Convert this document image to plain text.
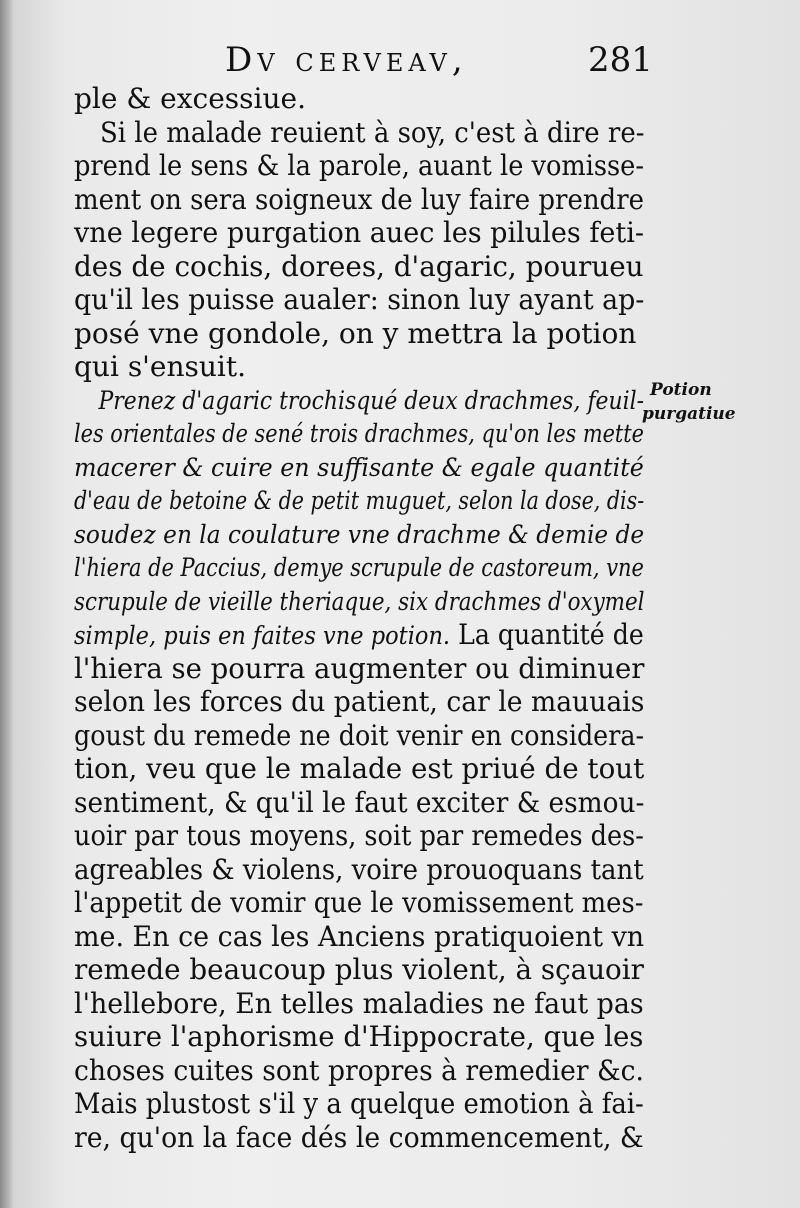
Dv cerveav,	281
Potion
purgatiue
ple & excessiue.
Si le malade reuient à soy, c'est à dire re-
prend le sens & la parole, auant le vomisse-
ment on sera soigneux de luy faire prendre
vne legere purgation auec les pilules feti-
des de cochis, dorees, d'agaric, pourueu
qu'il les puisse aualer: sinon luy ayant ap-
posé vne gondole, on y mettra la potion
qui s'ensuit.
Prenez d'agaric trochisqué deux drachmes, feuil-
les orientales de sené trois drachmes, qu'on les mette
macerer & cuire en suffisante & egale quantité
d'eau de betoine & de petit muguet, selon la dose, dis-
soudez en la coulature vne drachme & demie de
l'hiera de Paccius, demye scrupule de castoreum, vne
scrupule de vieille theriaque, six drachmes d'oxymel
simple, puis en faites vne potion. La quantité de
l'hiera se pourra augmenter ou diminuer
selon les forces du patient, car le mauuais
goust du remede ne doit venir en considera-
tion, veu que le malade est priué de tout
sentiment, & qu'il le faut exciter & esmou-
uoir par tous moyens, soit par remedes des-
agreables & violens, voire prouoquans tant
l'appetit de vomir que le vomissement mes-
me. En ce cas les Anciens pratiquoient vn
remede beaucoup plus violent, à sçauoir
l'hellebore, En telles maladies ne faut pas
suiure l'aphorisme d'Hippocrate, que les
choses cuites sont propres à remedier &c.
Mais plustost s'il y a quelque emotion à fai-
re, qu'on la face dés le commencement, &
